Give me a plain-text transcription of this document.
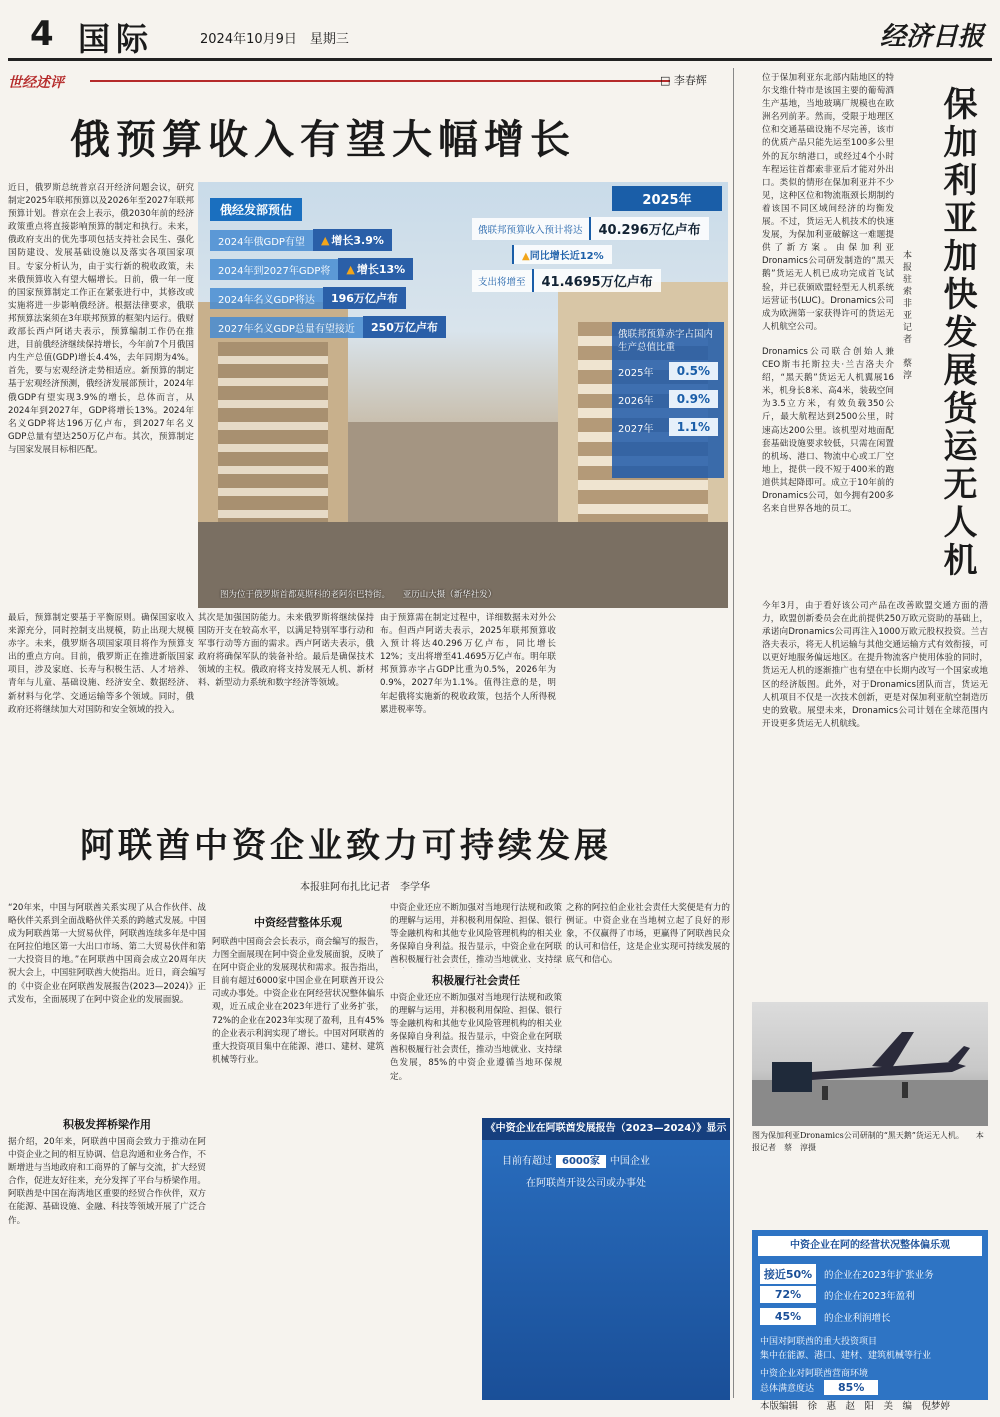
4 国际	2024年10月9日　星期三	经济日报
世经述评	□ 李春辉
俄预算收入有望大幅增长
近日，俄罗斯总统普京召开经济问题会议，研究制定2025年联邦预算以及2026年至2027年联邦预算计划。普京在会上表示，俄2030年前的经济政策重点将直接影响预算的制定和执行。未来，俄政府支出的优先事项包括支持社会民生、强化国防建设、发展基础设施以及落实各项国家项目。专家分析认为，由于实行新的税收政策，未来俄预算收入有望大幅增长。日前，俄一年一度的国家预算制定工作正在紧张进行中，其修改或实施将进一步影响俄经济。根据法律要求，俄联邦预算法案须在3年联邦预算的框架内运行。俄财政部长西卢阿诺夫表示，预算编制工作仍在推进，目前俄经济继续保持增长，今年前7个月俄国内生产总值(GDP)增长4.4%，去年同期为4%。首先，要与宏观经济走势相适应。新预算的制定基于宏观经济预测，俄经济发展部预计，2024年俄GDP有望实现3.9%的增长，总体而言，从2024年到2027年，GDP将增长13%。2024年名义GDP将达196万亿卢布，到2027年名义GDP总量有望达250万亿卢布。其次，预算制定与国家发展目标相匹配。
最后，预算制定要基于平衡原则。确保国家收入来源充分，同时控制支出规模，防止出现大规模赤字。未来，俄罗斯各项国家项目将作为预算支出的重点方向。目前，俄罗斯正在推进新版国家项目，涉及家庭、长寿与积极生活、人才培养、青年与儿童、基础设施、经济安全、数据经济、新材料与化学、交通运输等多个领域。同时，俄政府还将继续加大对国防和安全领域的投入。
其次是加强国防能力。未来俄罗斯将继续保持国防开支在较高水平，以满足特别军事行动和军事行动等方面的需求。西卢阿诺夫表示，俄政府将确保军队的装备补给。最后是确保技术领域的主权。俄政府将支持发展无人机、新材料、新型动力系统和数字经济等领域。
由于预算需在制定过程中，详细数据未对外公布。但西卢阿诺夫表示，2025年联邦预算收入预计将达40.296万亿卢布，同比增长12%；支出将增至41.4695万亿卢布。明年联邦预算赤字占GDP比重为0.5%，2026年为0.9%，2027年为1.1%。值得注意的是，明年起俄将实施新的税收政策，包括个人所得税累进税率等。
俄经发部预估
2024年俄GDP有望	▲ 增长3.9%
2024年到2027年GDP将	▲ 增长13%
2024年名义GDP将达	196万亿卢布
2027年名义GDP总量有望接近	250万亿卢布
2025年
俄联邦预算收入预计将达	40.296万亿卢布
▲同比增长近12%
支出将增至	41.4695万亿卢布
俄联邦预算赤字占国内生产总值比重
2025年	0.5%
2026年	0.9%
2027年	1.1%
图为位于俄罗斯首都莫斯科的老阿尔巴特街。　　亚历山大摄（新华社发）
阿联酋中资企业致力可持续发展
本报驻阿布扎比记者　李学华
“20年来，中国与阿联酋关系实现了从合作伙伴、战略伙伴关系到全面战略伙伴关系的跨越式发展。中国成为阿联酋第一大贸易伙伴，阿联酋连续多年是中国在阿拉伯地区第一大出口市场、第二大贸易伙伴和第一大投资目的地。”在阿联酋中国商会成立20周年庆祝大会上，中国驻阿联酋大使指出。近日，商会编写的《中资企业在阿联酋发展报告(2023—2024)》正式发布，全面展现了在阿中资企业的发展面貌。
积极发挥桥梁作用
据介绍，20年来，阿联酋中国商会致力于推动在阿中资企业之间的相互协调、信息沟通和业务合作，不断增进与当地政府和工商界的了解与交流，扩大经贸合作，促进友好往来，充分发挥了平台与桥梁作用。阿联酋是中国在海湾地区重要的经贸合作伙伴，双方在能源、基础设施、金融、科技等领域开展了广泛合作。
中资经营整体乐观
阿联酋中国商会会长表示，商会编写的报告，力图全面展现在阿中资企业发展面貌，反映了在阿中资企业的发展现状和需求。报告指出，目前有超过6000家中国企业在阿联酋开设公司或办事处。中资企业在阿经营状况整体偏乐观，近五成企业在2023年进行了业务扩张，72%的企业在2023年实现了盈利，且有45%的企业表示利润实现了增长。中国对阿联酋的重大投资项目集中在能源、港口、建材、建筑机械等行业。
中资企业还应不断加强对当地现行法规和政策的理解与运用，并积极利用保险、担保、银行等金融机构和其他专业风险管理机构的相关业务保障自身利益。报告显示，中资企业在阿联酋积极履行社会责任，推动当地就业、支持绿
积极履行社会责任
中资企业还应不断加强对当地现行法规和政策的理解与运用，并积极利用保险、担保、银行等金融机构和其他专业风险管理机构的相关业务保障自身利益。报告显示，中资企业在阿联酋积极履行社会责任，推动当地就业、支持绿色发展，85%的中资企业遵循当地环保规定。
之称的阿拉伯企业社会责任大奖便是有力的例证。中资企业在当地树立起了良好的形象，不仅赢得了市场，更赢得了阿联酋民众的认可和信任，这是企业实现可持续发展的底气和信心。
《中资企业在阿联酋发展报告（2023—2024）》显示
目前有超过 6000家 中国企业
在阿联酋开设公司或办事处
中资企业在阿的经营状况整体偏乐观
接近50%	的企业在2023年扩张业务
72%	的企业在2023年盈利
45%	的企业利润增长
中国对阿联酋的重大投资项目
集中在能源、港口、建材、建筑机械等行业
中资企业对阿联酋营商环境
总体满意度达 85%
保加利亚加快发展货运无人机
本报驻索非亚记者　蔡淳
位于保加利亚东北部内陆地区的特尔戈维什特市是该国主要的葡萄酒生产基地，当地玻璃厂规模也在欧洲名列前茅。然而，受限于地理区位和交通基础设施不尽完善，该市的优质产品只能先运至100多公里外的瓦尔纳港口，或经过4个小时车程运往首都索非亚后才能对外出口。类似的情形在保加利亚并不少见，这种区位和物流瓶颈长期制约着该国不同区域间经济的均衡发展。不过，货运无人机技术的快速发展，为保加利亚破解这一难题提供了新方案。由保加利亚Dronamics公司研发制造的“黑天鹅”货运无人机已成功完成首飞试验，并已获颁欧盟轻型无人机系统运营证书(LUC)。Dronamics公司成为欧洲第一家获得许可的货运无人机航空公司。
Dronamics公司联合创始人兼CEO斯韦托斯拉夫·兰吉洛夫介绍，“黑天鹅”货运无人机翼展16米，机身长8米、高4米，装载空间为3.5立方米，有效负载350公斤，最大航程达到2500公里，时速高达200公里。该机型对地面配套基础设施要求较低，只需在闲置的机场、港口、物流中心或工厂空地上，提供一段不短于400米的跑道供其起降即可。成立于10年前的Dronamics公司，如今拥有200多名来自世界各地的员工。
今年3月，由于看好该公司产品在改善欧盟交通方面的潜力，欧盟创新委员会在此前提供250万欧元资助的基础上，承诺向Dronamics公司再注入1000万欧元股权投资。兰吉洛夫表示，将无人机运输与其他交通运输方式有效衔接，可以更好地服务偏远地区。在提升物流客户使用体验的同时，货运无人机的逐渐推广也有望在中长期内改写一个国家或地区的经济版图。此外，对于Dronamics团队而言，货运无人机项目不仅是一次技术创新，更是对保加利亚航空制造历史的致敬。展望未来，Dronamics公司计划在全球范围内开设更多货运无人机航线。
图为保加利亚Dronamics公司研制的“黑天鹅”货运无人机。　　本报记者　蔡　淳摄
本版编辑　徐　惠　赵　阳　美　编　倪梦婷
